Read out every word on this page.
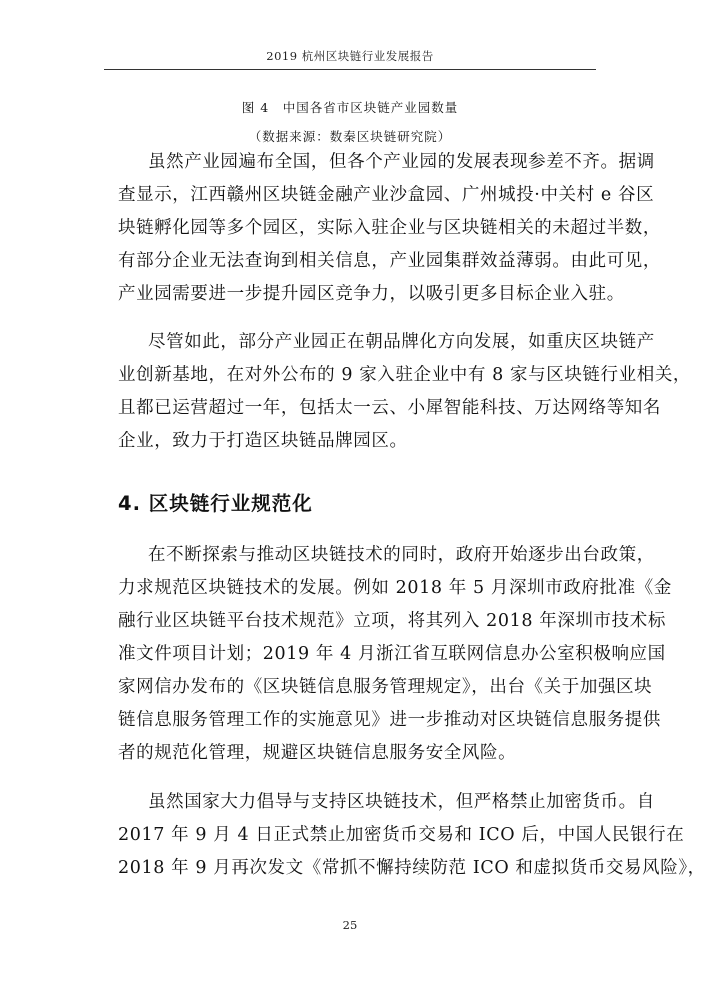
2019 杭州区块链行业发展报告
图 4　中国各省市区块链产业园数量
（数据来源：数秦区块链研究院）

虽然产业园遍布全国，但各个产业园的发展表现参差不齐。据调
查显示，江西赣州区块链金融产业沙盒园、广州城投·中关村 e 谷区
块链孵化园等多个园区，实际入驻企业与区块链相关的未超过半数，
有部分企业无法查询到相关信息，产业园集群效益薄弱。由此可见，
产业园需要进一步提升园区竞争力，以吸引更多目标企业入驻。

尽管如此，部分产业园正在朝品牌化方向发展，如重庆区块链产
业创新基地，在对外公布的 9 家入驻企业中有 8 家与区块链行业相关，
且都已运营超过一年，包括太一云、小犀智能科技、万达网络等知名
企业，致力于打造区块链品牌园区。

4. 区块链行业规范化

在不断探索与推动区块链技术的同时，政府开始逐步出台政策，
力求规范区块链技术的发展。例如 2018 年 5 月深圳市政府批准《金
融行业区块链平台技术规范》立项，将其列入 2018 年深圳市技术标
准文件项目计划；2019 年 4 月浙江省互联网信息办公室积极响应国
家网信办发布的《区块链信息服务管理规定》，出台《关于加强区块
链信息服务管理工作的实施意见》进一步推动对区块链信息服务提供
者的规范化管理，规避区块链信息服务安全风险。

虽然国家大力倡导与支持区块链技术，但严格禁止加密货币。自
2017 年 9 月 4 日正式禁止加密货币交易和 ICO 后，中国人民银行在
2018 年 9 月再次发文《常抓不懈持续防范 ICO 和虚拟货币交易风险》，

25
